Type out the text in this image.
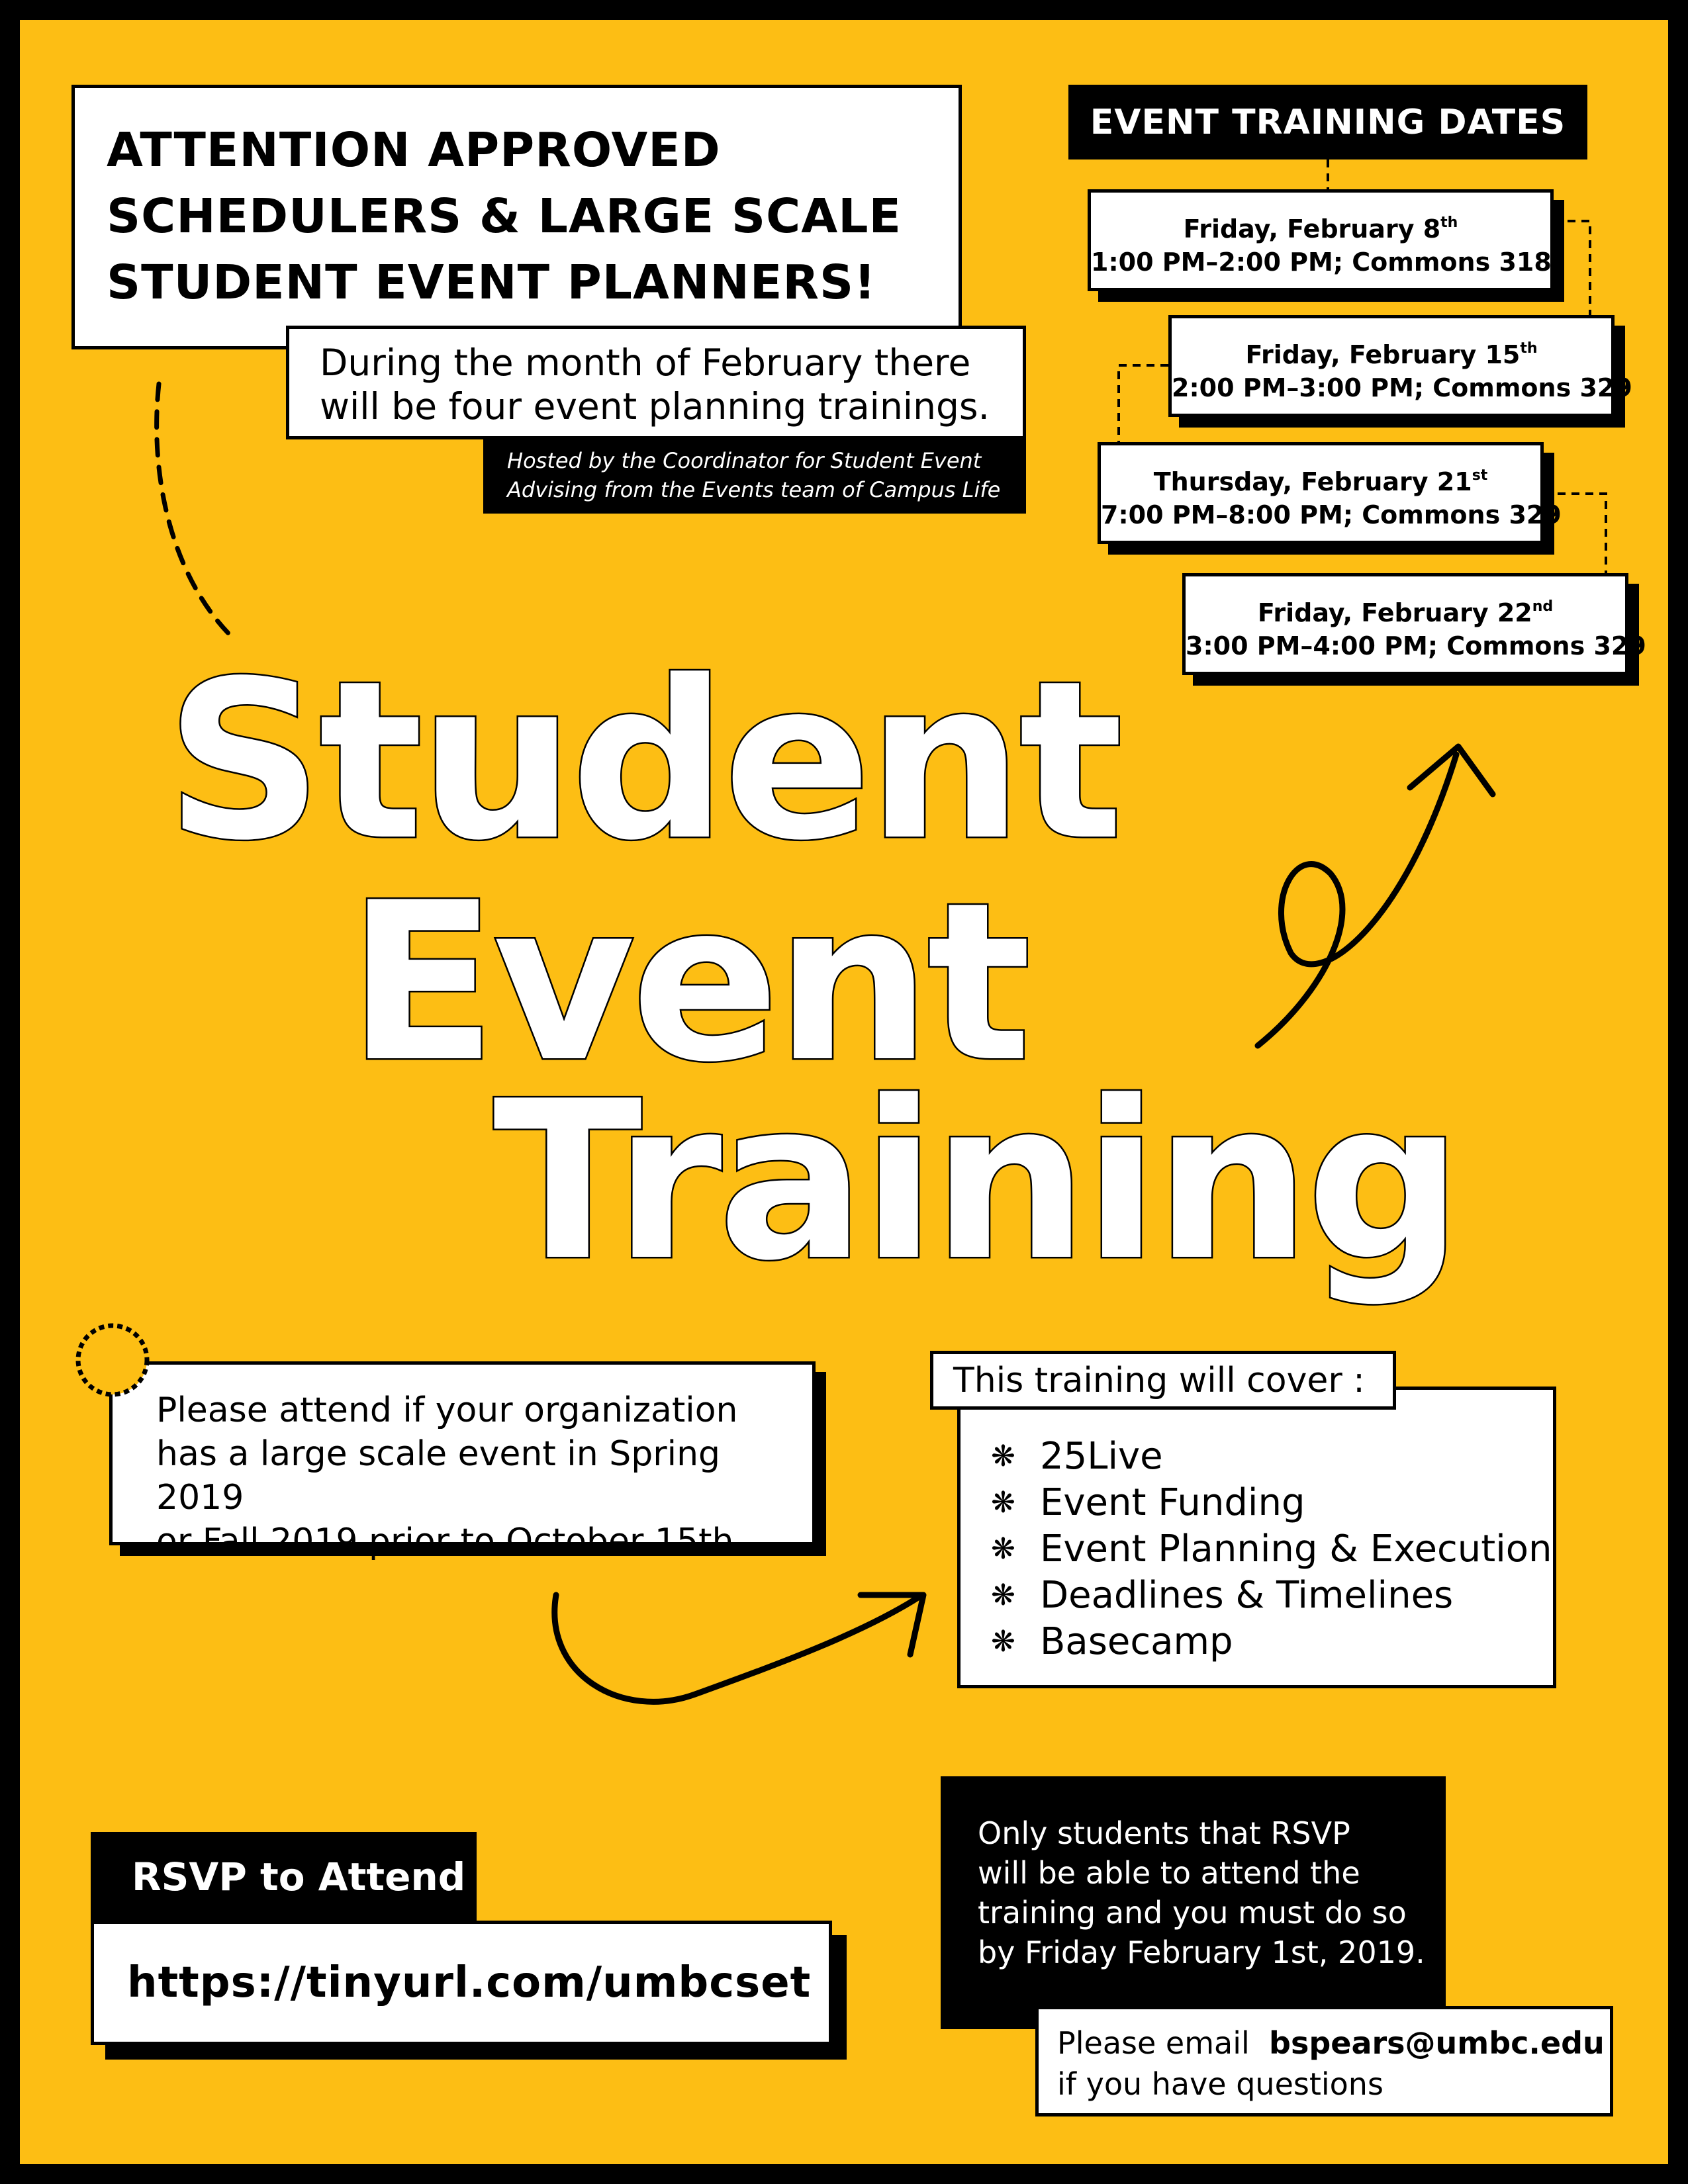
ATTENTION APPROVED
SCHEDULERS & LARGE SCALE
STUDENT EVENT PLANNERS!
During the month of February there
will be four event planning trainings.
Hosted by the Coordinator for Student Event
Advising from the Events team of Campus Life
EVENT TRAINING DATES
Friday, February 8th
1:00 PM–2:00 PM; Commons 318
Friday, February 15th
2:00 PM–3:00 PM; Commons 329
Thursday, February 21st
7:00 PM–8:00 PM; Commons 329
Friday, February 22nd
3:00 PM–4:00 PM; Commons 329
Student
Event
Training
Please attend if your organization
has a large scale event in Spring 2019
or Fall 2019 prior to October 15th.
❋ 25Live
❋ Event Funding
❋ Event Planning & Execution
❋ Deadlines & Timelines
❋ Basecamp
This training will cover :
RSVP to Attend
https://tinyurl.com/umbcset
Only students that RSVP
will be able to attend the
training and you must do so
by Friday February 1st, 2019.
Please email bspears@umbc.edu
if you have questions
